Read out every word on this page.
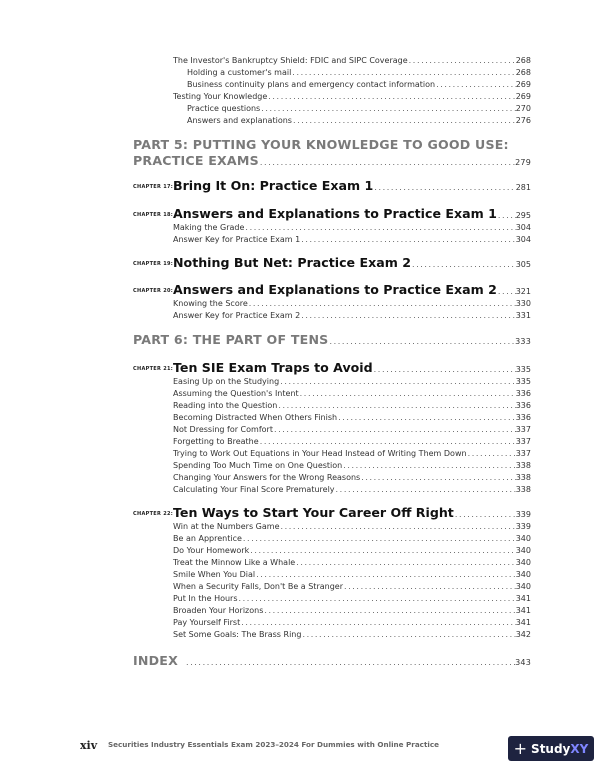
The Investor's Bankruptcy Shield: FDIC and SIPC Coverage .....	268
Holding a customer's mail .....	268
Business continuity plans and emergency contact information .....	269
Testing Your Knowledge .....	269
Practice questions .....	270
Answers and explanations .....	276
PART 5: PUTTING YOUR KNOWLEDGE TO GOOD USE:
PRACTICE EXAMS .....	279
CHAPTER 17: Bring It On: Practice Exam 1 .....	281
CHAPTER 18: Answers and Explanations to Practice Exam 1 ..... 295
Making the Grade .....	304
Answer Key for Practice Exam 1 .....	304
CHAPTER 19: Nothing But Net: Practice Exam 2 .....	305
CHAPTER 20: Answers and Explanations to Practice Exam 2 ..... 321
Knowing the Score .....	330
Answer Key for Practice Exam 2 .....	331
PART 6: THE PART OF TENS .....	333
CHAPTER 21: Ten SIE Exam Traps to Avoid .....	335
Easing Up on the Studying .....	335
Assuming the Question's Intent .....	336
Reading into the Question .....	336
Becoming Distracted When Others Finish .....	336
Not Dressing for Comfort .....	337
Forgetting to Breathe .....	337
Trying to Work Out Equations in Your Head Instead of Writing Them Down .....	337
Spending Too Much Time on One Question .....	338
Changing Your Answers for the Wrong Reasons .....	338
Calculating Your Final Score Prematurely .....	338
CHAPTER 22: Ten Ways to Start Your Career Off Right .....	339
Win at the Numbers Game .....	339
Be an Apprentice .....	340
Do Your Homework .....	340
Treat the Minnow Like a Whale .....	340
Smile When You Dial .....	340
When a Security Falls, Don't Be a Stranger .....	340
Put In the Hours .....	341
Broaden Your Horizons .....	341
Pay Yourself First .....	341
Set Some Goals: The Brass Ring .....	342
INDEX .....	343
xiv Securities Industry Essentials Exam 2023–2024 For Dummies with Online Practice	+ Study XY
